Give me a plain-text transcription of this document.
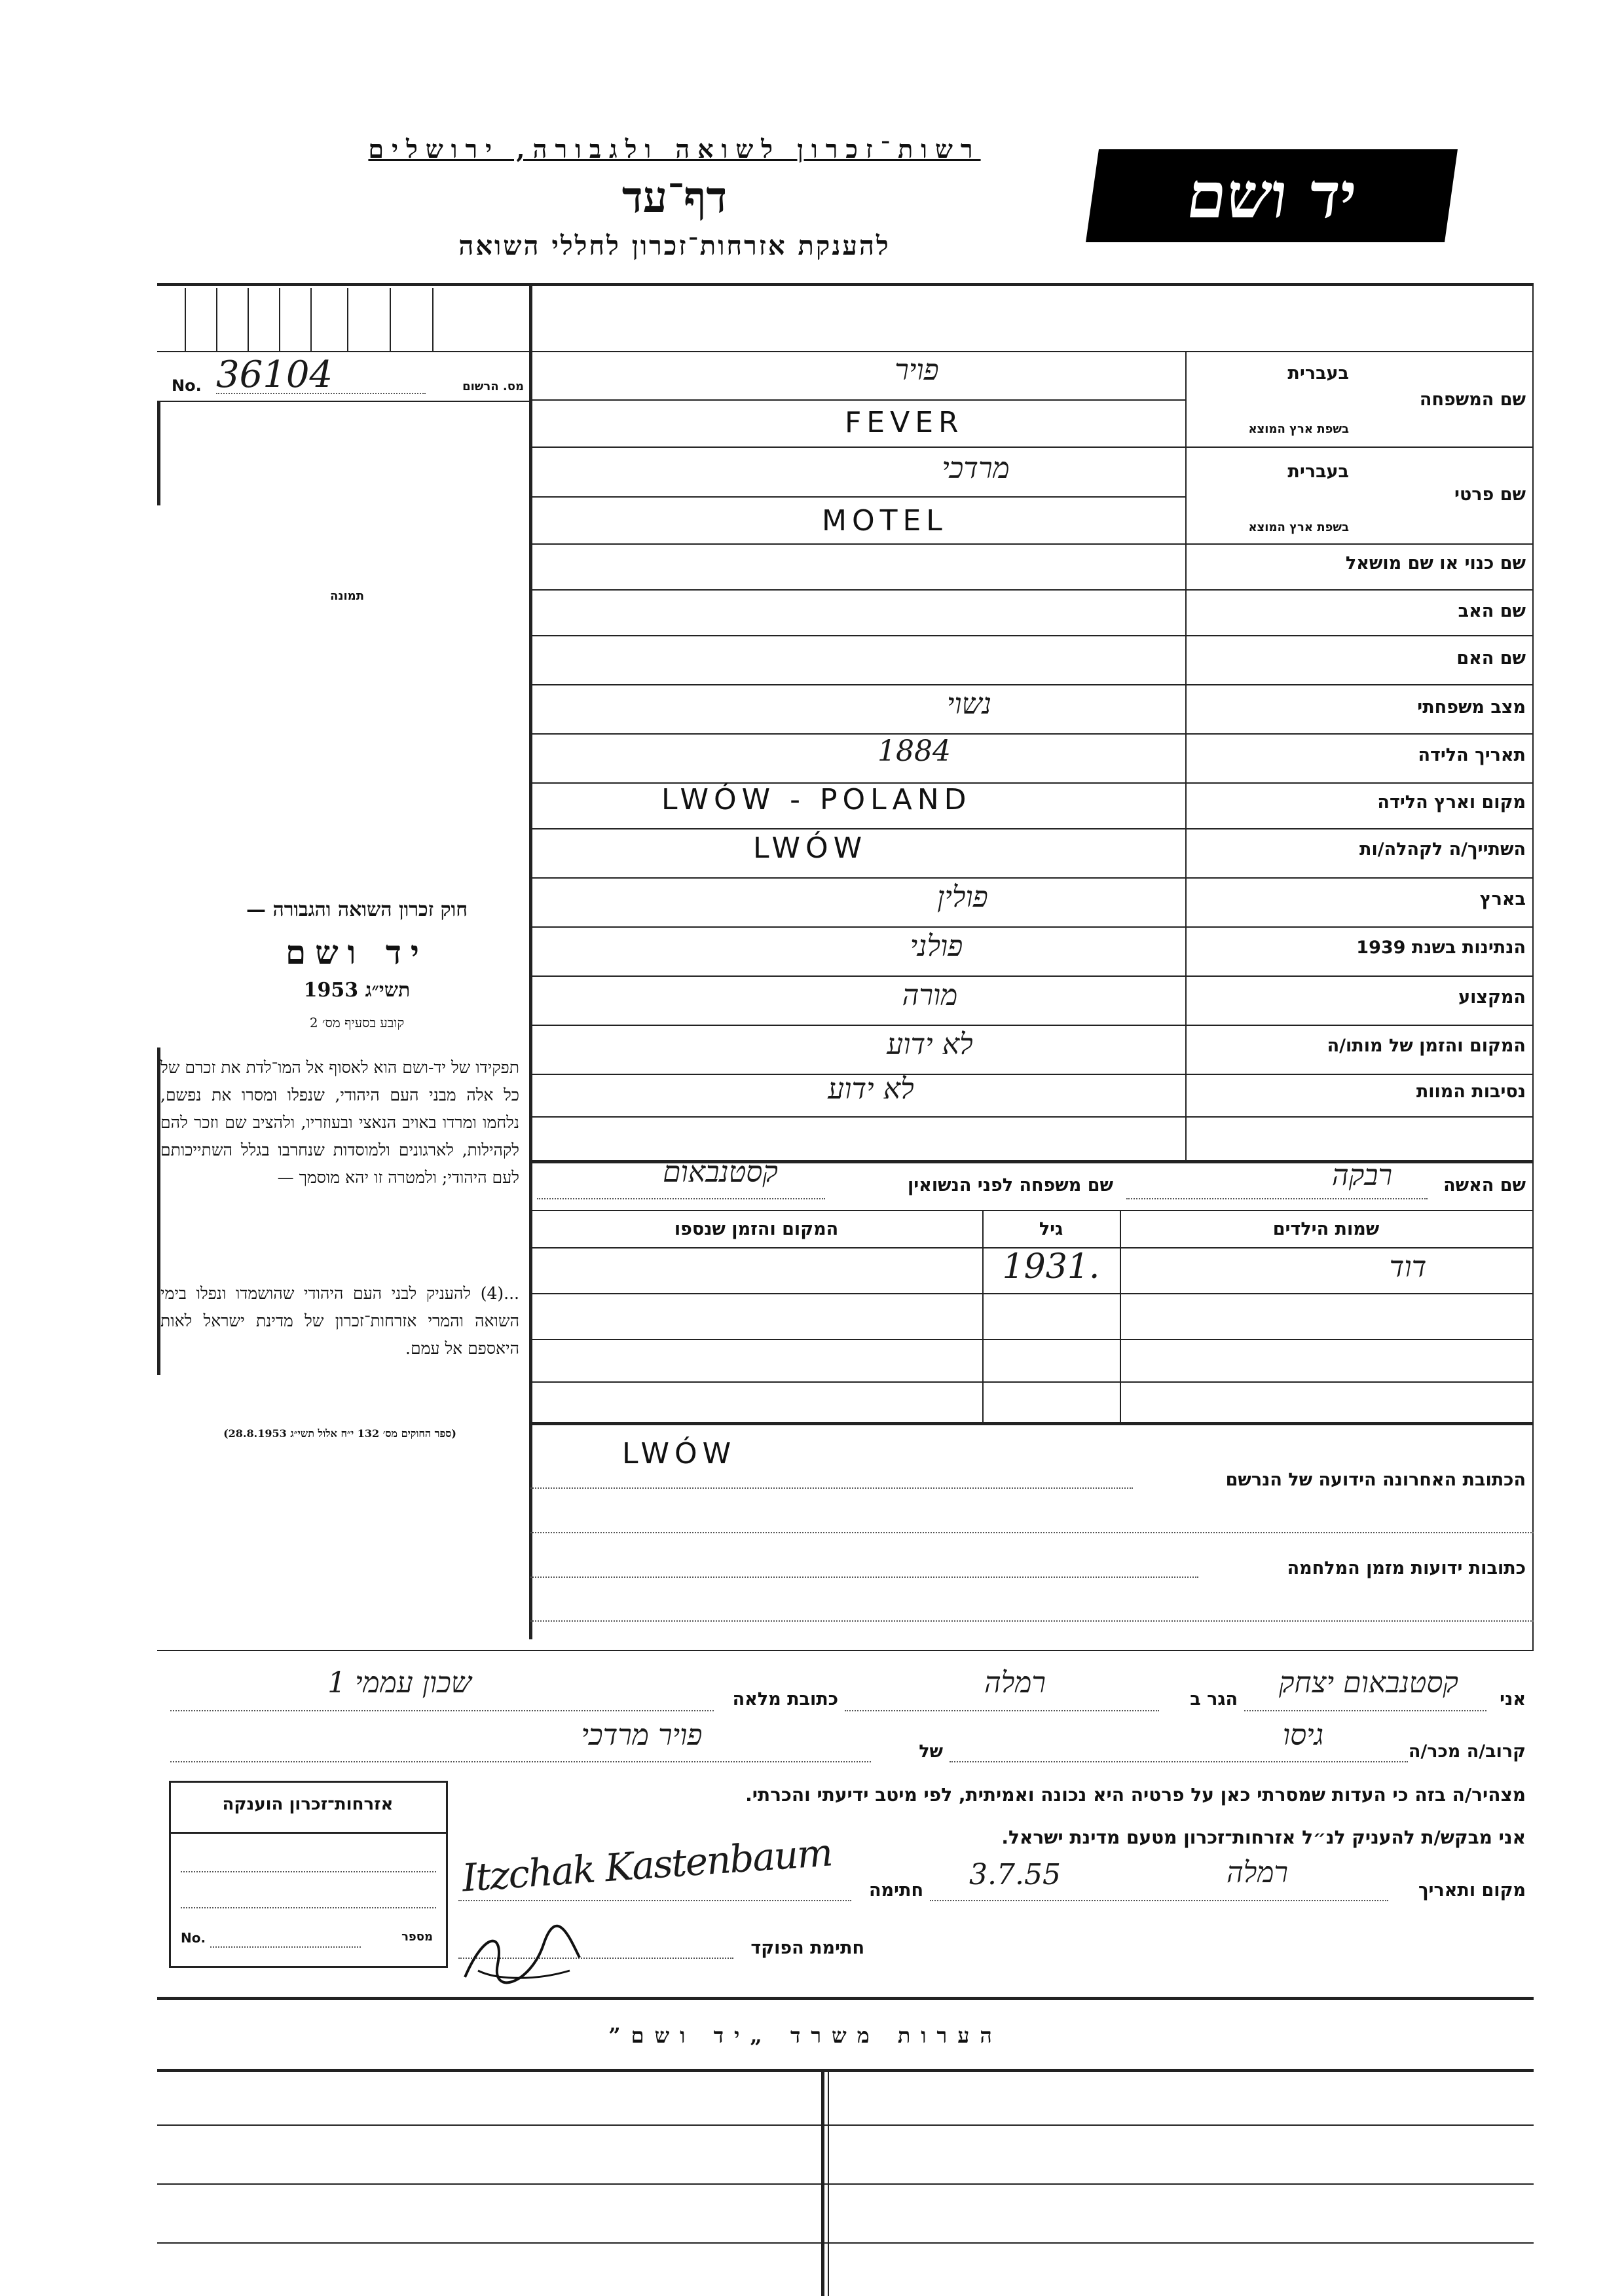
רשות־זכרון לשואה ולגבורה, ירושלים
דף־עד
להענקת אזרחות־זכרון לחללי השואה
יד ושם
No. 36104	מס. הרשום
תמונה
בעברית
שם המשפחה
בשפת ארץ המוצא
פויר
FEVER
בעברית
שם פרטי
בשפת ארץ המוצא
מרדכי
MOTEL
שם כנוי או שם מושאל
שם האב
שם האם
מצב משפחתי
נשוי
תאריך הלידה
1884
מקום וארץ הלידה
LWÓW - POLAND
השתייך/ה לקהלה/ות
LWÓW
בארץ
פולין
הנתינות בשנת 1939
פולני
המקצוע
מורה
המקום והזמן של מותו/ה
לא ידוע
נסיבות המוות
לא ידוע
שם האשה
רבקה
שם משפחה לפני הנשואין
קסטנבאום
שמות הילדים
גיל
המקום והזמן שנספו
דוד
1931.
LWÓW
הכתובת האחרונה הידועה של הנרשם
כתובות ידועות מזמן המלחמה
אני
קסטנבאום יצחק
הגר ב
רמלה
כתובת מלאה
שכון עממי 1
קרוב/ה מכר/ה
גיסו
של
פויר מרדכי
מצהיר/ה בזה כי העדות שמסרתי כאן על פרטיה היא נכונה ואמיתית, לפי מיטב ידיעתי והכרתי.
אני מבקש/ת להעניק לנ״ל אזרחות־זכרון מטעם מדינת ישראל.
מקום ותאריך
רמלה
3.7.55
חתימה
Itzchak Kastenbaum
חתימת הפוקד
אזרחות־זכרון הוענקה
No.	מספר
הערות משרד „יד ושם”
חוק זכרון השואה והגבורה —
יד ושם
תשי״ג 1953
קובע בסעיף מס׳ 2
תפקידו של יד-ושם הוא לאסוף אל המו־לדת את זכרם של כל אלה מבני העם היהודי, שנפלו ומסרו את נפשם, נלחמו ומרדו באויב הנאצי ובעוזריו, ולהציב שם וזכר להם לקהילות, לארגונים ולמוסדות שנחרבו בגלל השתייכותם לעם היהודי; ולמטרה זו יהא מוסמך —
...(4) להעניק לבני העם היהודי שהושמדו ונפלו בימי השואה והמרי אזרחות־זכרון של מדינת ישראל לאות היאספם אל עמם.
(ספר החוקים מס׳ 132 י״ח אלול תשי״ג 28.8.1953)
